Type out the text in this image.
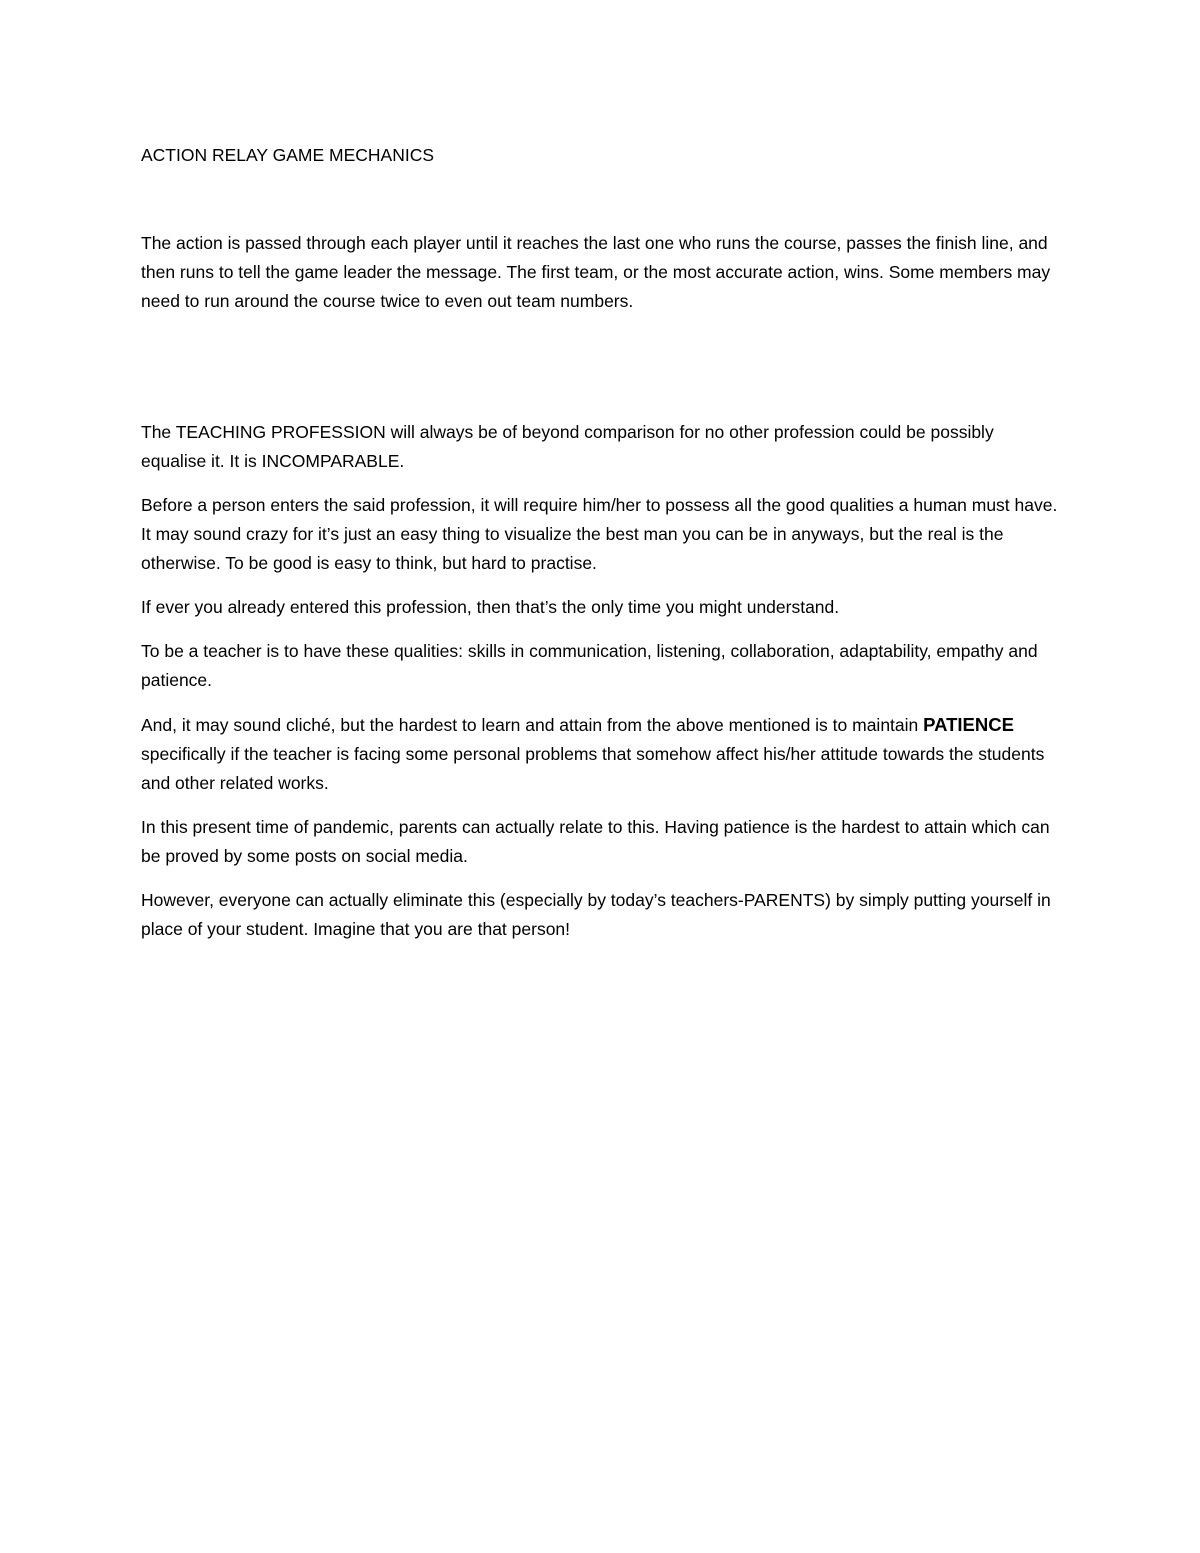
ACTION RELAY GAME MECHANICS

The action is passed through each player until it reaches the last one who runs the course, passes the finish line, and then runs to tell the game leader the message. The first team, or the most accurate action, wins. Some members may need to run around the course twice to even out team numbers.

The TEACHING PROFESSION will always be of beyond comparison for no other profession could be possibly equalise it. It is INCOMPARABLE.

Before a person enters the said profession, it will require him/her to possess all the good qualities a human must have. It may sound crazy for it’s just an easy thing to visualize the best man you can be in anyways, but the real is the otherwise. To be good is easy to think, but hard to practise.

If ever you already entered this profession, then that’s the only time you might understand.

To be a teacher is to have these qualities: skills in communication, listening, collaboration, adaptability, empathy and patience.

And, it may sound cliché, but the hardest to learn and attain from the above mentioned is to maintain PATIENCE specifically if the teacher is facing some personal problems that somehow affect his/her attitude towards the students and other related works.

In this present time of pandemic, parents can actually relate to this. Having patience is the hardest to attain which can be proved by some posts on social media.

However, everyone can actually eliminate this (especially by today’s teachers-PARENTS) by simply putting yourself in place of your student. Imagine that you are that person!
